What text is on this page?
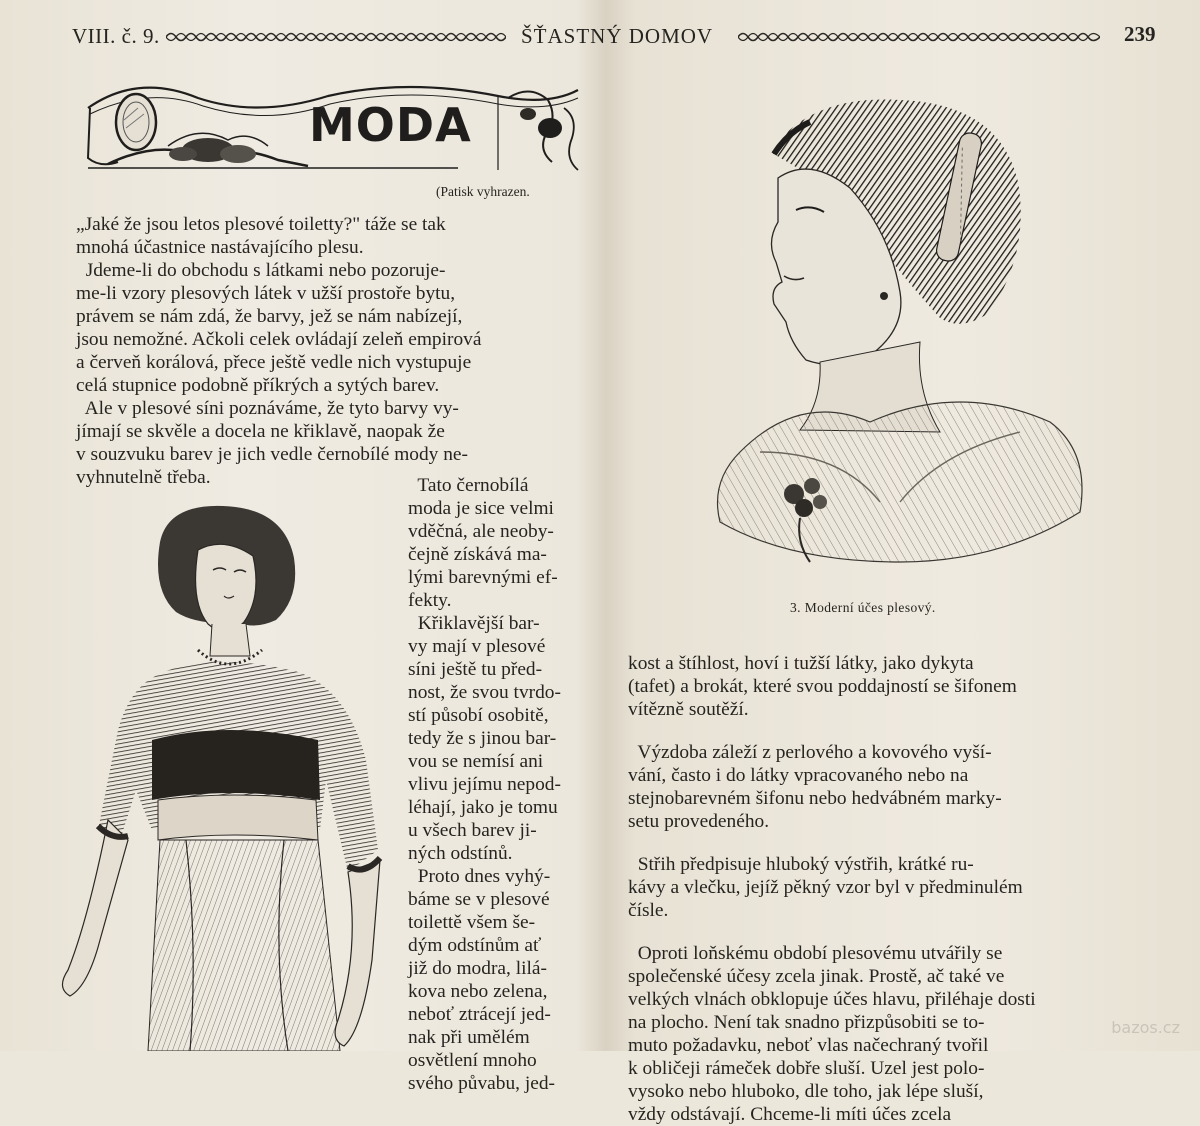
VIII. č. 9.	ŠŤASTNÝ DOMOV	239
MODA
(Patisk vyhrazen.

„Jaké že jsou letos plesové toiletty?" táže se tak

mnohá účastnice nastávajícího plesu.

Jdeme-li do obchodu s látkami nebo pozoruje-

me-li vzory plesových látek v užší prostoře bytu,

právem se nám zdá, že barvy, jež se nám nabízejí,

jsou nemožné. Ačkoli celek ovládají zeleň empirová

a červeň korálová, přece ještě vedle nich vystupuje

celá stupnice podobně příkrých a sytých barev.

Ale v plesové síni poznáváme, že tyto barvy vy-

jímají se skvěle a docela ne křiklavě, naopak že

v souzvuku barev je jich vedle černobílé mody ne-

vyhnutelně třeba.	Tato černobílá

moda je sice velmi

vděčná, ale neoby-

čejně získává ma-

lými barevnými ef-

fekty.

Křiklavější bar-

vy mají v plesové

síni ještě tu před-

nost, že svou tvrdo-

stí působí osobitě,

tedy že s jinou bar-

vou se nemísí ani

vlivu jejímu nepod-

léhají, jako je tomu

u všech barev ji-

ných odstínů.

Proto dnes vyhý-

báme se v plesové

toilettě všem še-

dým odstínům ať

již do modra, lilá-

kova nebo zelena,

neboť ztrácejí jed-

nak při umělém

osvětlení mnoho

svého půvabu, jed-

kost a štíhlost, hoví i tužší látky, jako dykyta

(tafet) a brokát, které svou poddajností se šifonem

vítězně soutěží.

Výzdoba záleží z perlového a kovového vyší-

vání, často i do látky vpracovaného nebo na

stejnobarevném šifonu nebo hedvábném marky-

setu provedeného.

Střih předpisuje hluboký výstřih, krátké ru-

kávy a vlečku, jejíž pěkný vzor byl v předminulém

čísle.

Oproti loňskému období plesovému utvářily se

společenské účesy zcela jinak. Prostě, ač také ve

velkých vlnách obklopuje účes hlavu, přiléhaje dosti

na plocho. Není tak snadno přizpůsobiti se to-

muto požadavku, neboť vlas načechraný tvořil

k obličeji rámeček dobře sluší. Uzel jest polo-

vysoko nebo hluboko, dle toho, jak lépe sluší,

vždy odstávají. Chceme-li míti účes zcela

3. Moderní účes plesový.
bazos.cz
